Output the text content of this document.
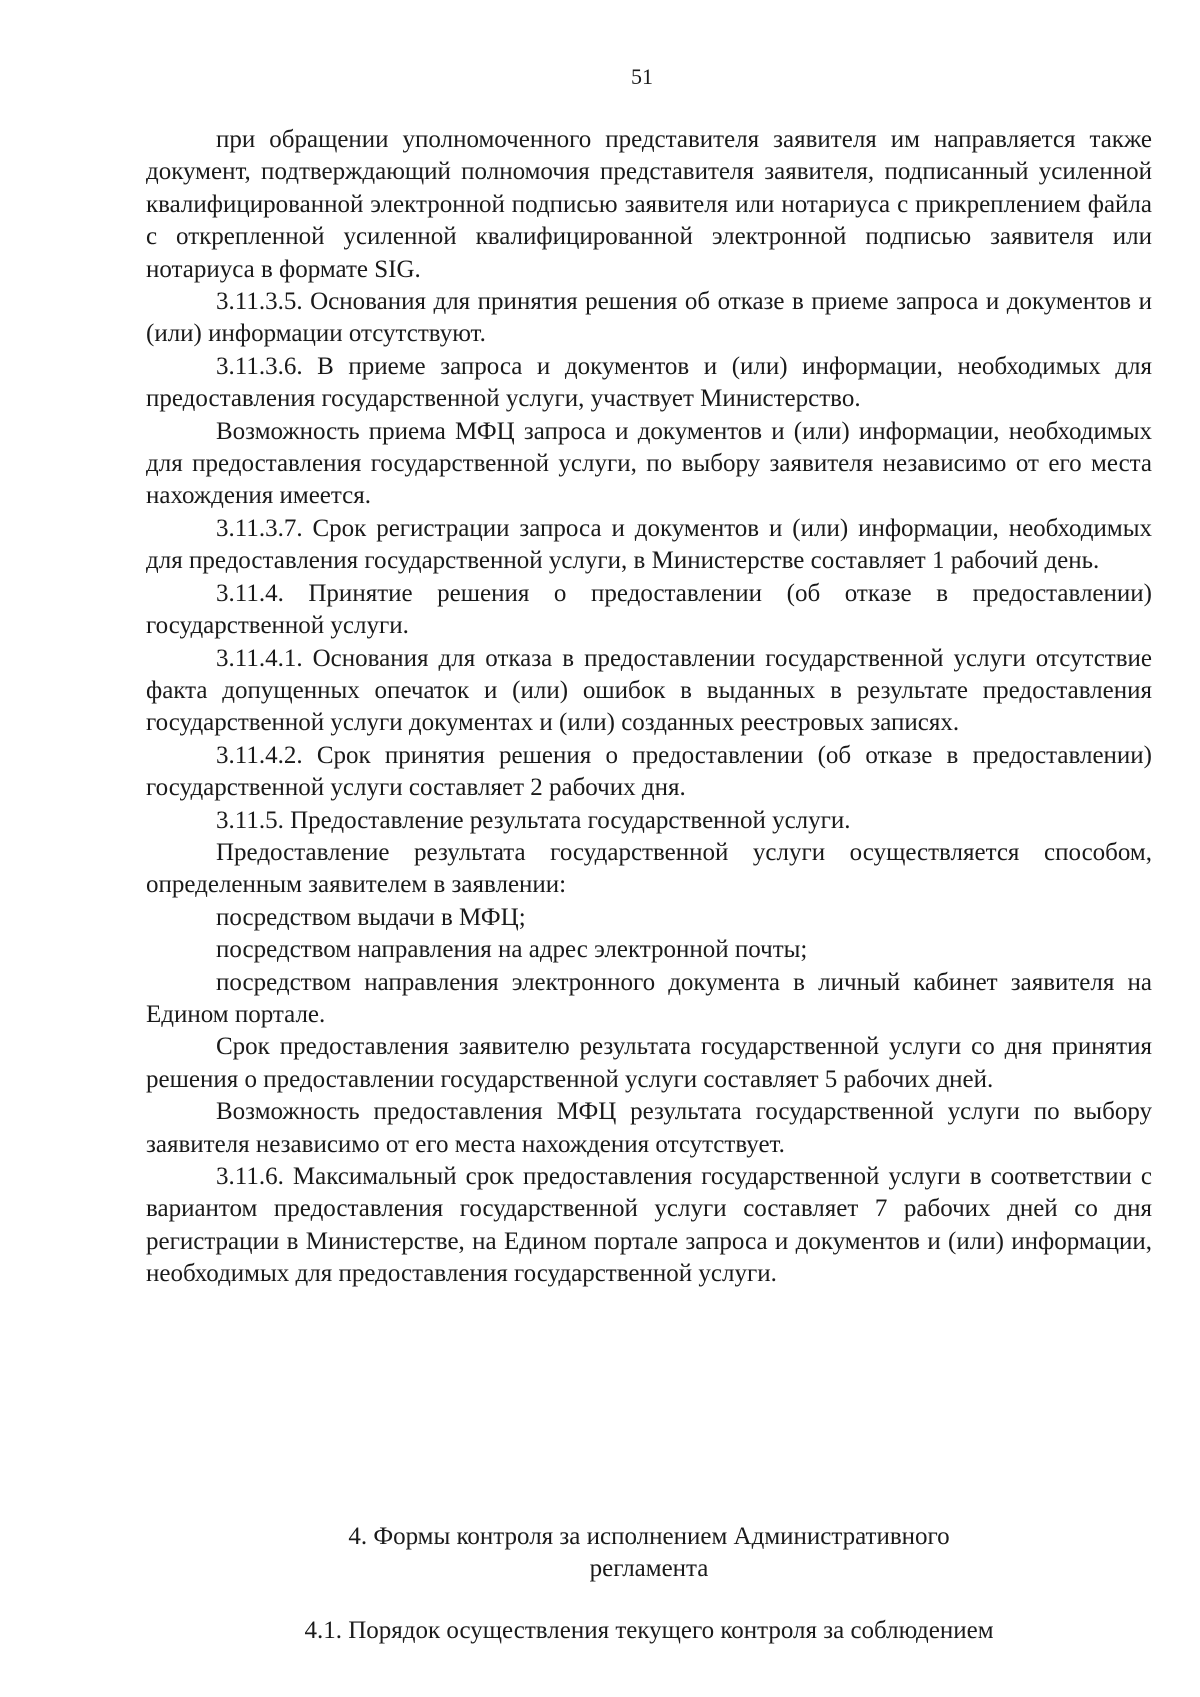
51

при обращении уполномоченного представителя заявителя им направляется также документ, подтверждающий полномочия представителя заявителя, подписанный усиленной квалифицированной электронной подписью заявителя или нотариуса с прикреплением файла с открепленной усиленной квалифицированной электронной подписью заявителя или нотариуса в формате SIG.

3.11.3.5. Основания для принятия решения об отказе в приеме запроса и документов и (или) информации отсутствуют.

3.11.3.6. В приеме запроса и документов и (или) информации, необходимых для предоставления государственной услуги, участвует Министерство.

Возможность приема МФЦ запроса и документов и (или) информации, необходимых для предоставления государственной услуги, по выбору заявителя независимо от его места нахождения имеется.

3.11.3.7. Срок регистрации запроса и документов и (или) информации, необходимых для предоставления государственной услуги, в Министерстве составляет 1 рабочий день.

3.11.4. Принятие решения о предоставлении (об отказе в предоставлении) государственной услуги.

3.11.4.1. Основания для отказа в предоставлении государственной услуги отсутствие факта допущенных опечаток и (или) ошибок в выданных в результате предоставления государственной услуги документах и (или) созданных реестровых записях.

3.11.4.2. Срок принятия решения о предоставлении (об отказе в предоставлении) государственной услуги составляет 2 рабочих дня.

3.11.5. Предоставление результата государственной услуги.

Предоставление результата государственной услуги осуществляется способом, определенным заявителем в заявлении:

посредством выдачи в МФЦ;

посредством направления на адрес электронной почты;

посредством направления электронного документа в личный кабинет заявителя на Едином портале.

Срок предоставления заявителю результата государственной услуги со дня принятия решения о предоставлении государственной услуги составляет 5 рабочих дней.

Возможность предоставления МФЦ результата государственной услуги по выбору заявителя независимо от его места нахождения отсутствует.

3.11.6. Максимальный срок предоставления государственной услуги в соответствии с вариантом предоставления государственной услуги составляет 7 рабочих дней со дня регистрации в Министерстве, на Едином портале запроса и документов и (или) информации, необходимых для предоставления государственной услуги.

4. Формы контроля за исполнением Административного
регламента
4.1. Порядок осуществления текущего контроля за соблюдением
